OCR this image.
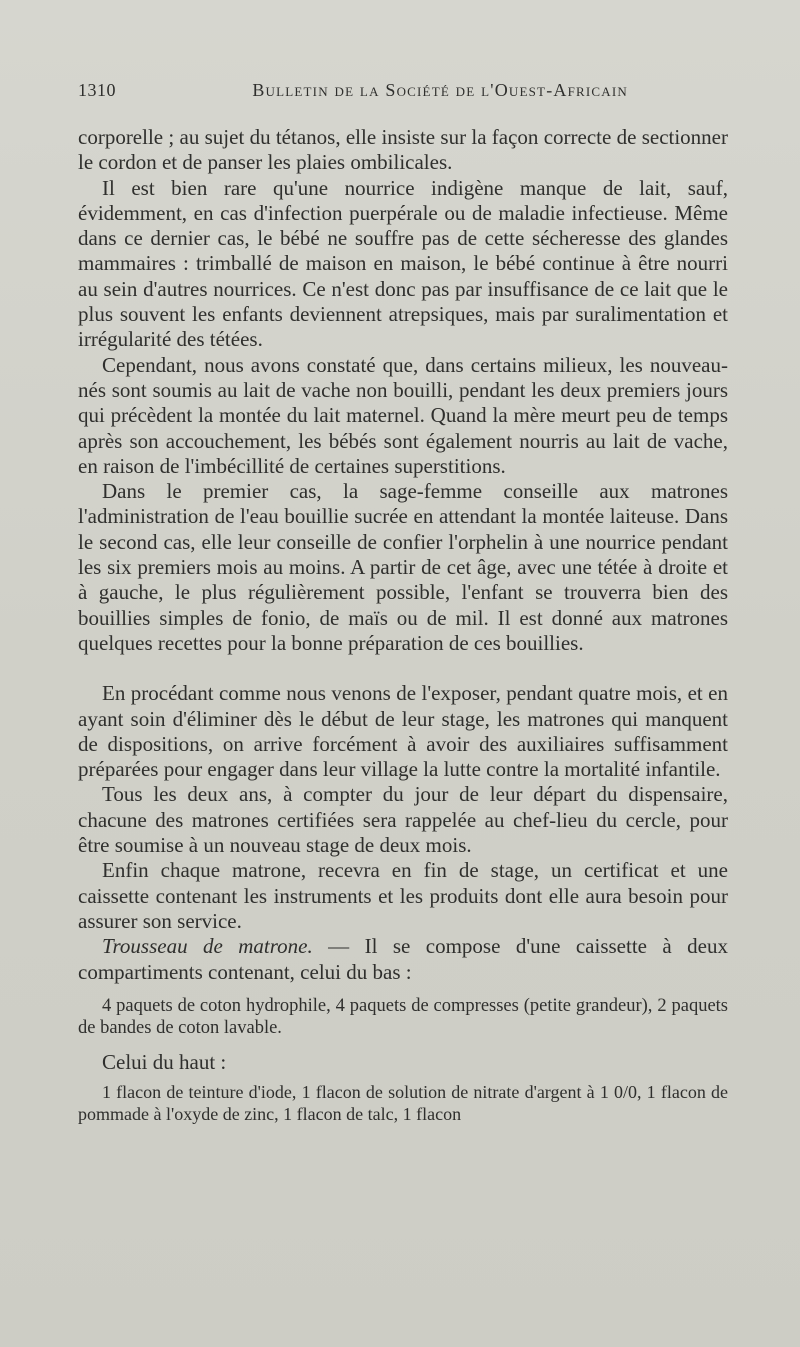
1310	Bulletin de la Société de l'Ouest-Africain

corporelle ; au sujet du tétanos, elle insiste sur la façon correcte de sectionner le cordon et de panser les plaies ombilicales.

Il est bien rare qu'une nourrice indigène manque de lait, sauf, évidemment, en cas d'infection puerpérale ou de maladie infectieuse. Même dans ce dernier cas, le bébé ne souffre pas de cette sécheresse des glandes mammaires : trimballé de maison en maison, le bébé continue à être nourri au sein d'autres nourrices. Ce n'est donc pas par insuffisance de ce lait que le plus souvent les enfants deviennent atrepsiques, mais par suralimentation et irrégularité des tétées.

Cependant, nous avons constaté que, dans certains milieux, les nouveau-nés sont soumis au lait de vache non bouilli, pendant les deux premiers jours qui précèdent la montée du lait maternel. Quand la mère meurt peu de temps après son accouchement, les bébés sont également nourris au lait de vache, en raison de l'imbécillité de certaines superstitions.

Dans le premier cas, la sage-femme conseille aux matrones l'administration de l'eau bouillie sucrée en attendant la montée laiteuse. Dans le second cas, elle leur conseille de confier l'orphelin à une nourrice pendant les six premiers mois au moins. A partir de cet âge, avec une tétée à droite et à gauche, le plus régulièrement possible, l'enfant se trouverra bien des bouillies simples de fonio, de maïs ou de mil. Il est donné aux matrones quelques recettes pour la bonne préparation de ces bouillies.

En procédant comme nous venons de l'exposer, pendant quatre mois, et en ayant soin d'éliminer dès le début de leur stage, les matrones qui manquent de dispositions, on arrive forcément à avoir des auxiliaires suffisamment préparées pour engager dans leur village la lutte contre la mortalité infantile.

Tous les deux ans, à compter du jour de leur départ du dispensaire, chacune des matrones certifiées sera rappelée au chef-lieu du cercle, pour être soumise à un nouveau stage de deux mois.

Enfin chaque matrone, recevra en fin de stage, un certificat et une caissette contenant les instruments et les produits dont elle aura besoin pour assurer son service.

Trousseau de matrone. — Il se compose d'une caissette à deux compartiments contenant, celui du bas :

4 paquets de coton hydrophile, 4 paquets de compresses (petite grandeur), 2 paquets de bandes de coton lavable.

Celui du haut :

1 flacon de teinture d'iode, 1 flacon de solution de nitrate d'argent à 1 0/0, 1 flacon de pommade à l'oxyde de zinc, 1 flacon de talc, 1 flacon
